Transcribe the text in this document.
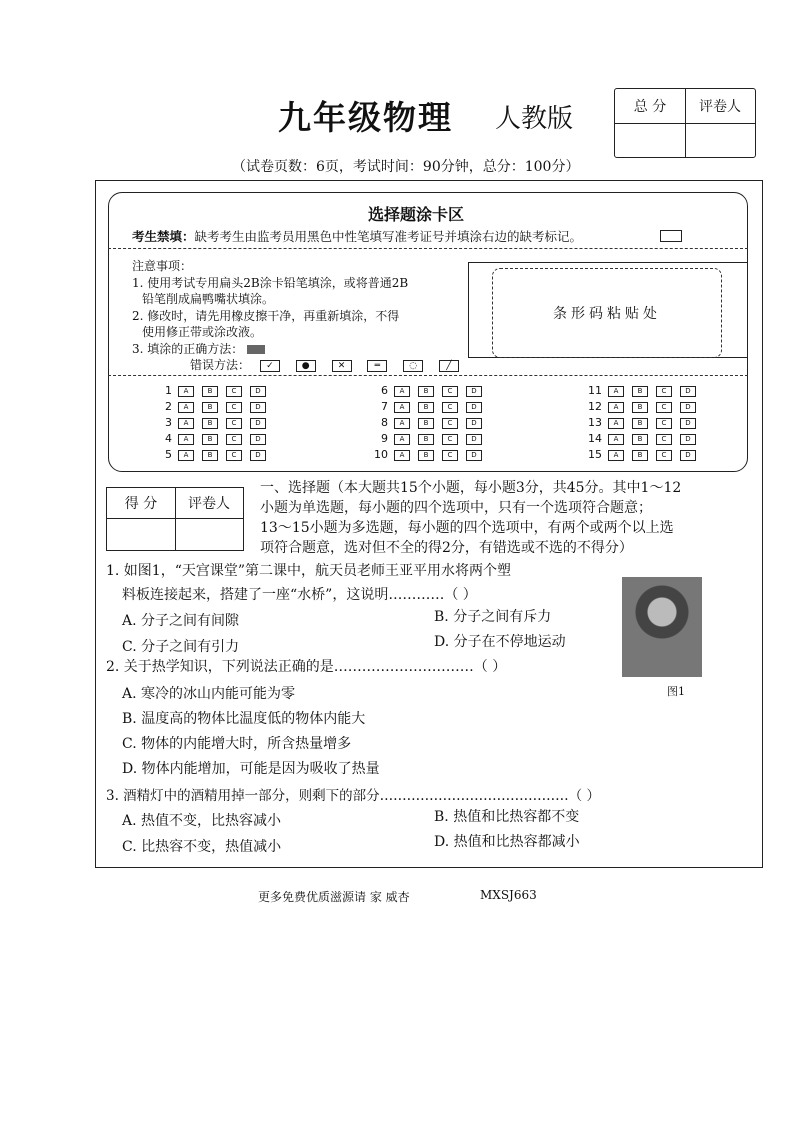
九年级物理 人教版	总 分	评卷人
（试卷页数：6页，考试时间：90分钟，总分：100分）
选择题涂卡区
考生禁填：缺考考生由监考员用黑色中性笔填写准考证号并填涂右边的缺考标记。
注意事项：
1. 使用考试专用扁头2B涂卡铅笔填涂，或将普通2B
铅笔削成扁鸭嘴状填涂。
2. 修改时，请先用橡皮擦干净，再重新填涂，不得
使用修正带或涂改液。
3. 填涂的正确方法：
错误方法： ✓	●	✕	═	◌	╱
条形码粘贴处
1 A	B	C	D
2 A	B	C	D
3 A	B	C	D
4 A	B	C	D
5 A	B	C	D
6 A	B	C	D
7 A	B	C	D
8 A	B	C	D
9 A	B	C	D
10 A	B	C	D
11 A	B	C	D
12 A	B	C	D
13 A	B	C	D
14 A	B	C	D
15 A	B	C	D
得 分	评卷人
一、选择题（本大题共15个小题，每小题3分，共45分。其中1～12
小题为单选题，每小题的四个选项中，只有一个选项符合题意；
13～15小题为多选题，每小题的四个选项中，有两个或两个以上选
项符合题意，选对但不全的得2分，有错选或不选的不得分）
1. 如图1，“天宫课堂”第二课中，航天员老师王亚平用水将两个塑
料板连接起来，搭建了一座“水桥”，这说明…………（ ）
A. 分子之间有间隙	B. 分子之间有斥力
C. 分子之间有引力	D. 分子在不停地运动
图1
2. 关于热学知识，下列说法正确的是…………………………（ ）
A. 寒冷的冰山内能可能为零
B. 温度高的物体比温度低的物体内能大
C. 物体的内能增大时，所含热量增多
D. 物体内能增加，可能是因为吸收了热量
3. 酒精灯中的酒精用掉一部分，则剩下的部分……………………………………（ ）
A. 热值不变，比热容减小	B. 热值和比热容都不变
C. 比热容不变，热值减小	D. 热值和比热容都减小
更多免费优质滋源请 家 威杏	MXSJ663
